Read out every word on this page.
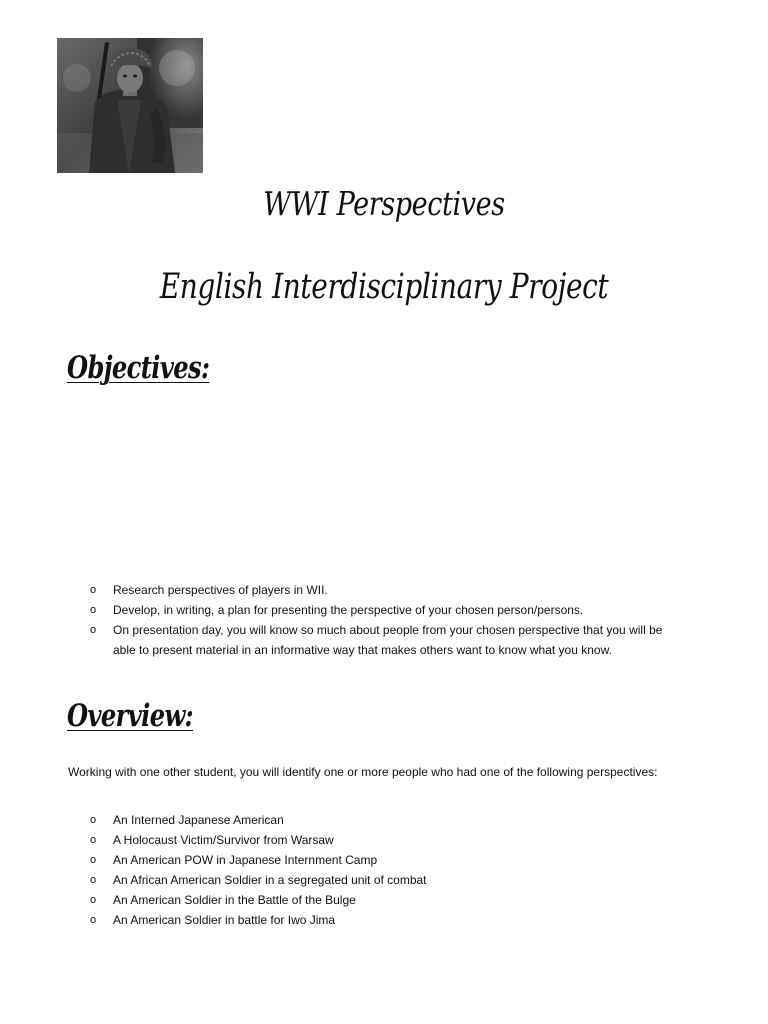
WWI Perspectives
English Interdisciplinary Project
Objectives:
o Research perspectives of players in WII.
o Develop, in writing, a plan for presenting the perspective of your chosen person/persons.
o On presentation day, you will know so much about people from your chosen perspective that you will be able to present material in an informative way that makes others want to know what you know.
Overview:

Working with one other student, you will identify one or more people who had one of the following perspectives:

o An Interned Japanese American
o A Holocaust Victim/Survivor from Warsaw
o An American POW in Japanese Internment Camp
o An African American Soldier in a segregated unit of combat
o An American Soldier in the Battle of the Bulge
o An American Soldier in battle for Iwo Jima
